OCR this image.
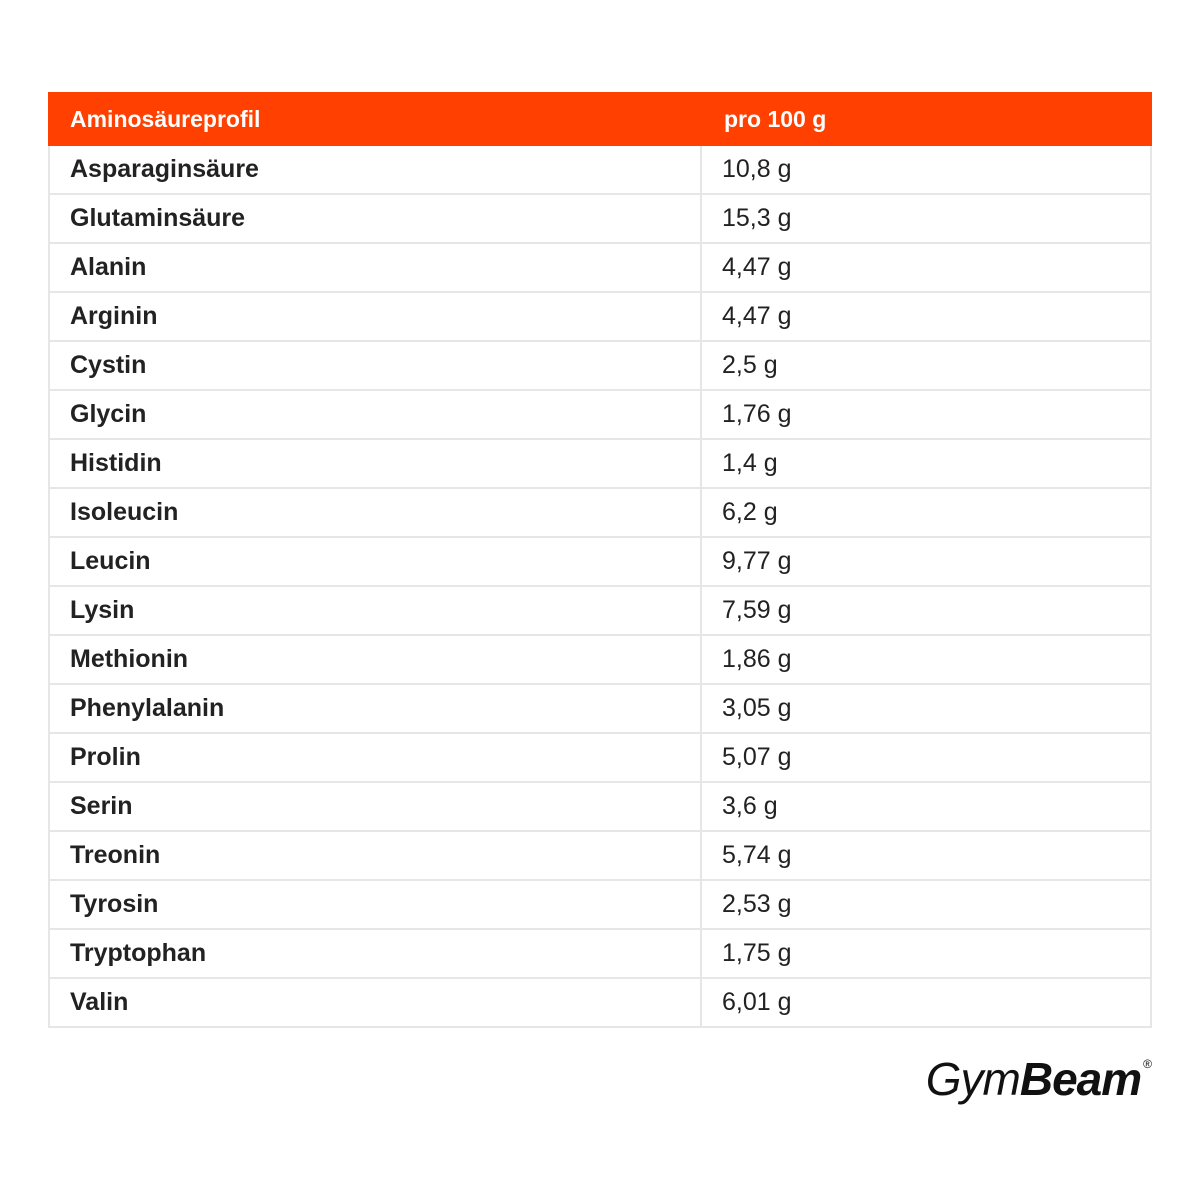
Aminosäureprofil	pro 100 g
Asparaginsäure	10,8 g
Glutaminsäure	15,3 g
Alanin	4,47 g
Arginin	4,47 g
Cystin	2,5 g
Glycin	1,76 g
Histidin	1,4 g
Isoleucin	6,2 g
Leucin	9,77 g
Lysin	7,59 g
Methionin	1,86 g
Phenylalanin	3,05 g
Prolin	5,07 g
Serin	3,6 g
Treonin	5,74 g
Tyrosin	2,53 g
Tryptophan	1,75 g
Valin	6,01 g
Gym Beam ®
